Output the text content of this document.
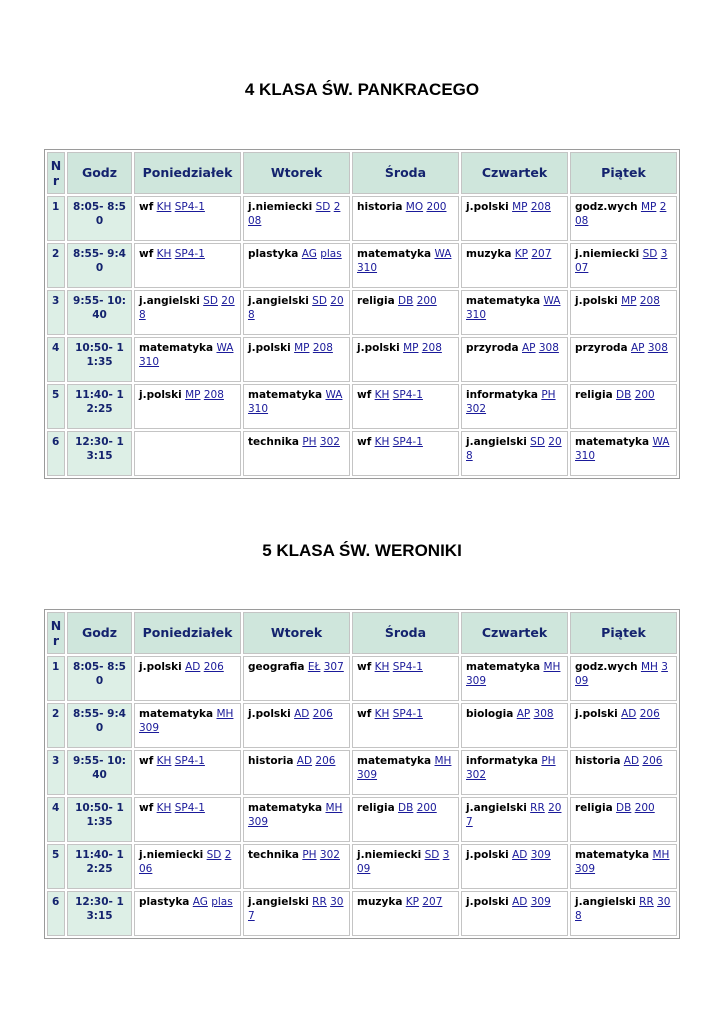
4 KLASA ŚW. PANKRACEGO
N
r	Godz	Poniedziałek	Wtorek	Środa	Czwartek	Piątek
1	8:05- 8:50	wf KH SP4-1	j.niemiecki SD 208	historia MO 200	j.polski MP 208	godz.wych MP 208
2	8:55- 9:40	wf KH SP4-1	plastyka AG plas	matematyka WA 310	muzyka KP 207	j.niemiecki SD 307
3	9:55- 10:40	j.angielski SD 208	j.angielski SD 208	religia DB 200	matematyka WA 310	j.polski MP 208
4	10:50- 11:35	matematyka WA 310	j.polski MP 208	j.polski MP 208	przyroda AP 308	przyroda AP 308
5	11:40- 12:25	j.polski MP 208	matematyka WA 310	wf KH SP4-1	informatyka PH 302	religia DB 200
6	12:30- 13:15		technika PH 302	wf KH SP4-1	j.angielski SD 208	matematyka WA 310
5 KLASA ŚW. WERONIKI
N
r	Godz	Poniedziałek	Wtorek	Środa	Czwartek	Piątek
1	8:05- 8:50	j.polski AD 206	geografia EŁ 307	wf KH SP4-1	matematyka MH 309	godz.wych MH 309
2	8:55- 9:40	matematyka MH 309	j.polski AD 206	wf KH SP4-1	biologia AP 308	j.polski AD 206
3	9:55- 10:40	wf KH SP4-1	historia AD 206	matematyka MH 309	informatyka PH 302	historia AD 206
4	10:50- 11:35	wf KH SP4-1	matematyka MH 309	religia DB 200	j.angielski RR 207	religia DB 200
5	11:40- 12:25	j.niemiecki SD 206	technika PH 302	j.niemiecki SD 309	j.polski AD 309	matematyka MH 309
6	12:30- 13:15	plastyka AG plas	j.angielski RR 307	muzyka KP 207	j.polski AD 309	j.angielski RR 308
